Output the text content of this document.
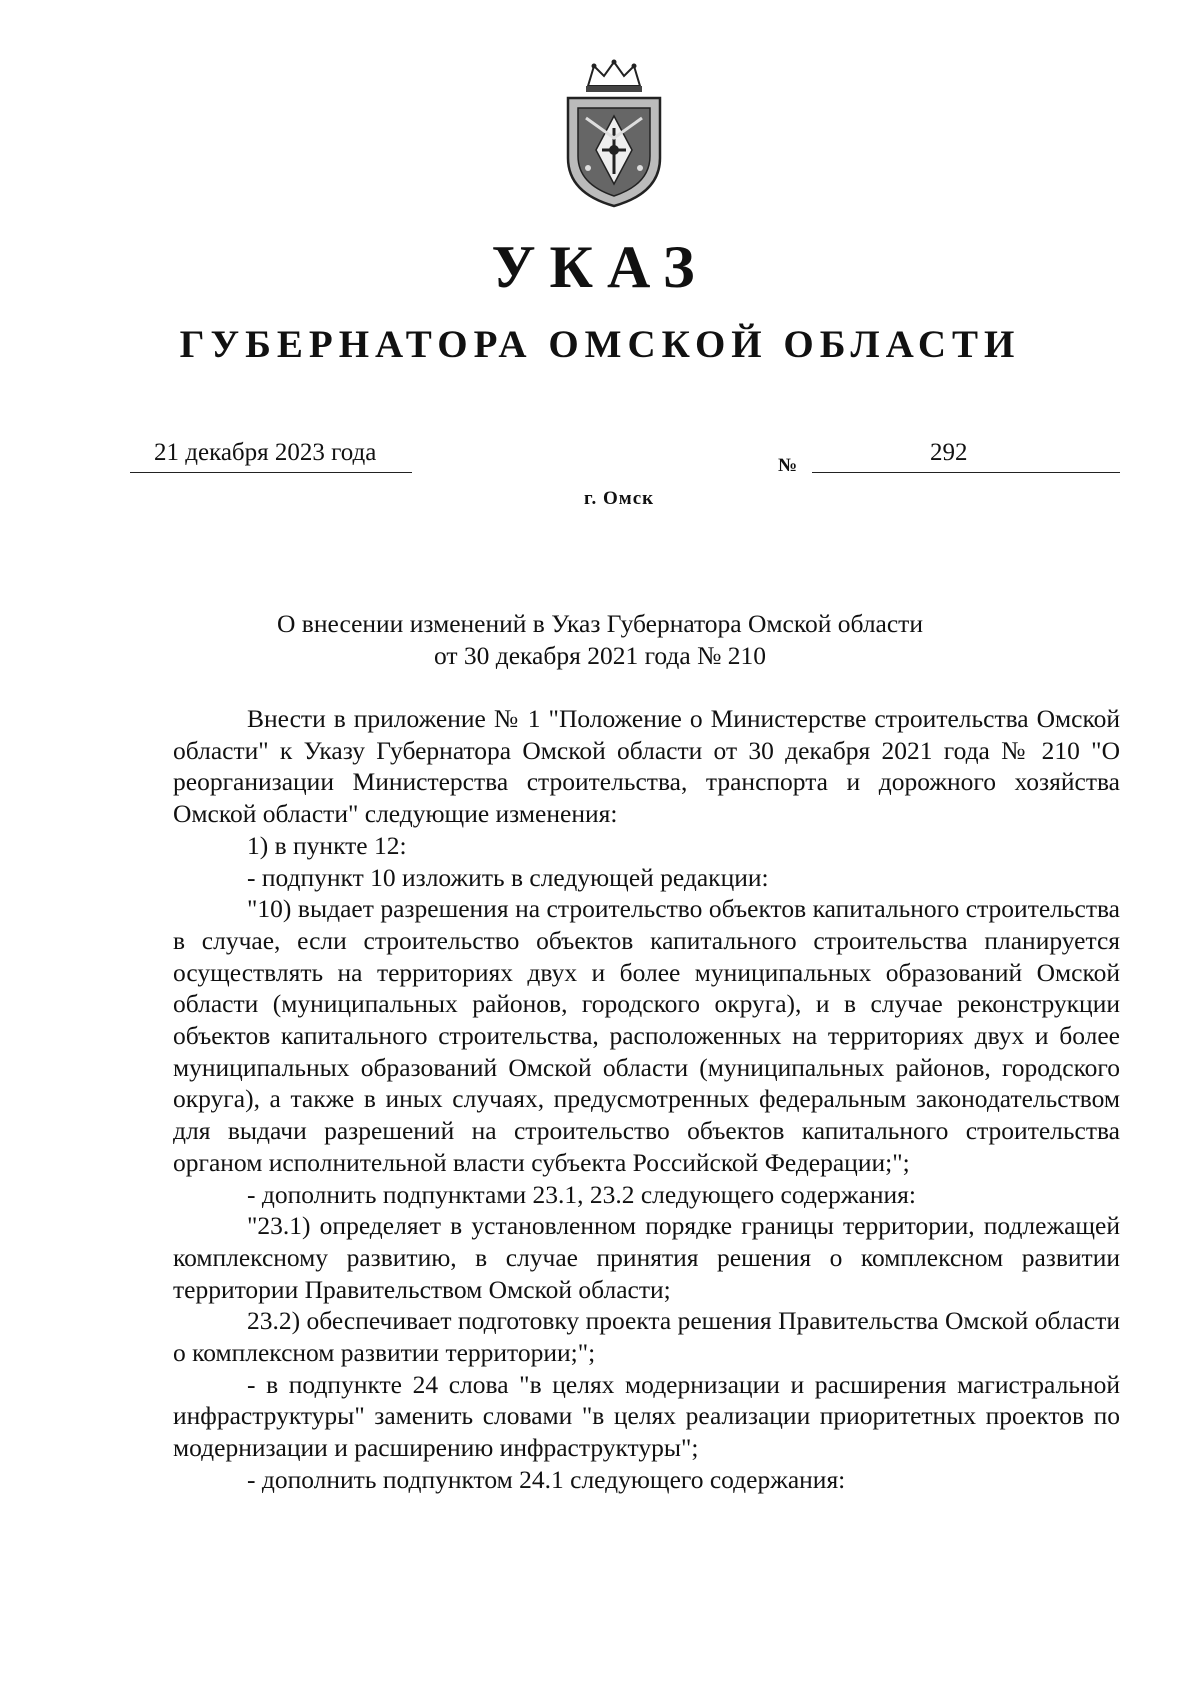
УКАЗ
ГУБЕРНАТОРА ОМСКОЙ ОБЛАСТИ
21 декабря 2023 года	№	292
г. Омск
О внесении изменений в Указ Губернатора Омской области
от 30 декабря 2021 года № 210

Внести в приложение № 1 "Положение о Министерстве строительства Омской области" к Указу Губернатора Омской области от 30 декабря 2021 года № 210 "О реорганизации Министерства строительства, транспорта и дорожного хозяйства Омской области" следующие изменения:

1) в пункте 12:

- подпункт 10 изложить в следующей редакции:

"10) выдает разрешения на строительство объектов капитального строительства в случае, если строительство объектов капитального строительства планируется осуществлять на территориях двух и более муниципальных образований Омской области (муниципальных районов, городского округа), и в случае реконструкции объектов капитального строительства, расположенных на территориях двух и более муниципальных образований Омской области (муниципальных районов, городского округа), а также в иных случаях, предусмотренных федеральным законодательством для выдачи разрешений на строительство объектов капитального строительства органом исполнительной власти субъекта Российской Федерации;";

- дополнить подпунктами 23.1, 23.2 следующего содержания:

"23.1) определяет в установленном порядке границы территории, подлежащей комплексному развитию, в случае принятия решения о комплексном развитии территории Правительством Омской области;

23.2) обеспечивает подготовку проекта решения Правительства Омской области о комплексном развитии территории;";

- в подпункте 24 слова "в целях модернизации и расширения магистральной инфраструктуры" заменить словами "в целях реализации приоритетных проектов по модернизации и расширению инфраструктуры";

- дополнить подпунктом 24.1 следующего содержания:
